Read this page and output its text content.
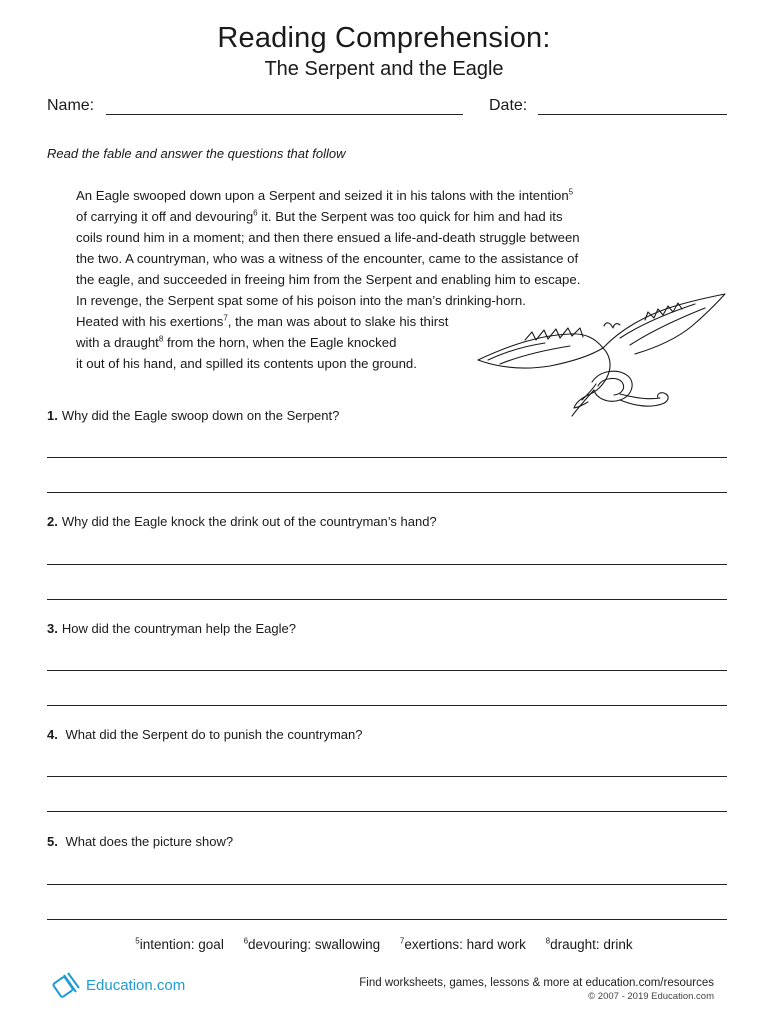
Reading Comprehension:
The Serpent and the Eagle
Name:	Date:
Read the fable and answer the questions that follow
An Eagle swooped down upon a Serpent and seized it in his talons with the intention$^5$
of carrying it off and devouring$^6$ it. But the Serpent was too quick for him and had its
coils round him in a moment; and then there ensued a life-and-death struggle between
the two. A countryman, who was a witness of the encounter, came to the assistance of
the eagle, and succeeded in freeing him from the Serpent and enabling him to escape.
In revenge, the Serpent spat some of his poison into the man’s drinking-horn.
Heated with his exertions$^7$, the man was about to slake his thirst
with a draught$^8$ from the horn, when the Eagle knocked
it out of his hand, and spilled its contents upon the ground.
1. Why did the Eagle swoop down on the Serpent?
2. Why did the Eagle knock the drink out of the countryman’s hand?
3. How did the countryman help the Eagle?
4. What did the Serpent do to punish the countryman?
5. What does the picture show?
$^5$intention: goal $^6$devouring: swallowing $^7$exertions: hard work $^8$draught: drink
Education.com	Find worksheets, games, lessons & more at education.com/resources
© 2007 - 2019 Education.com
